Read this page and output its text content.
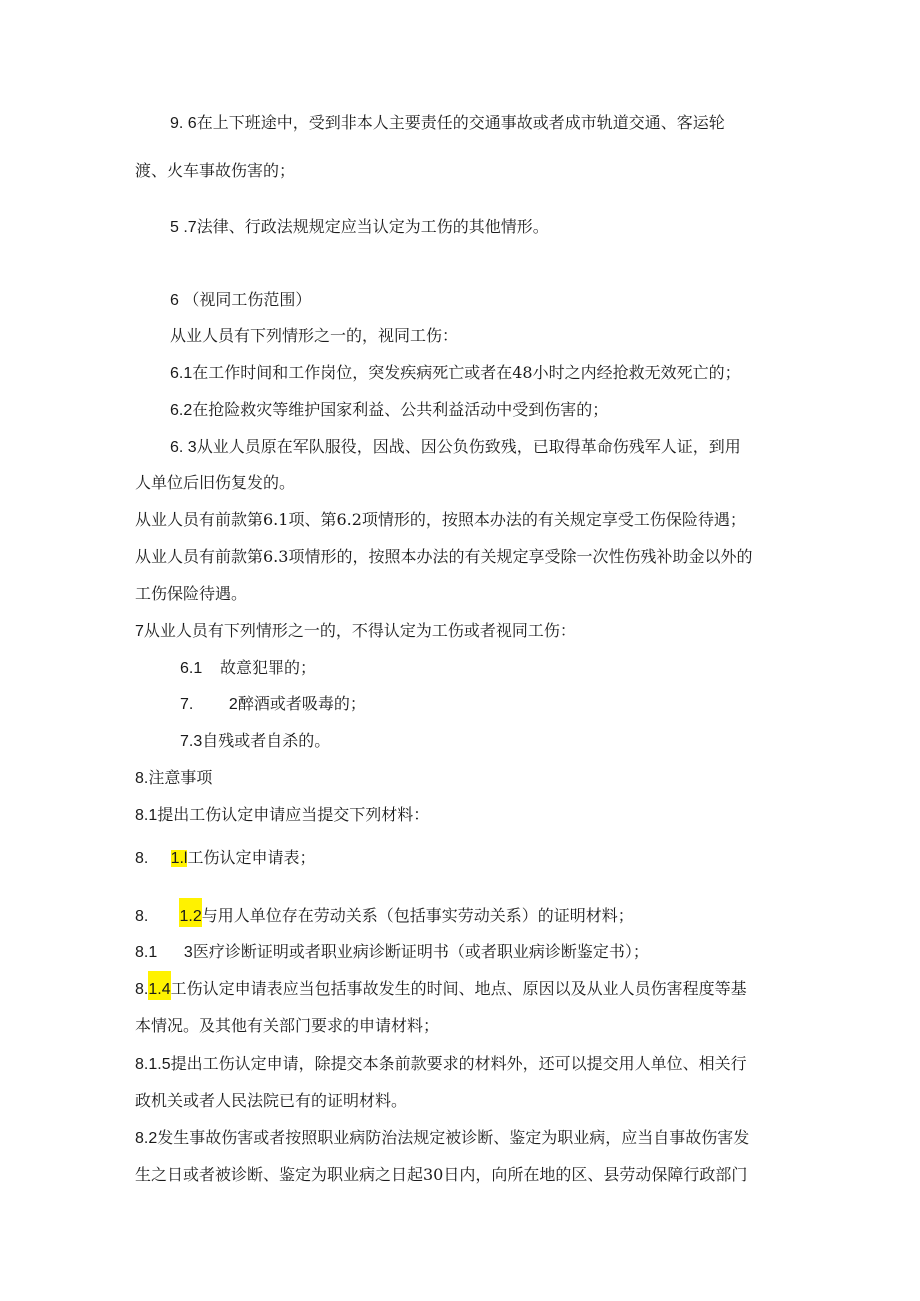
9. 6在上下班途中，受到非本人主要责任的交通事故或者成市轨道交通、客运轮
渡、火车事故伤害的；
5 .7法律、行政法规规定应当认定为工伤的其他情形。
6 （视同工伤范围）
从业人员有下列情形之一的，视同工伤：
6.1在工作时间和工作岗位，突发疾病死亡或者在48小时之内经抢救无效死亡的；
6.2在抢险救灾等维护国家利益、公共利益活动中受到伤害的；
6. 3从业人员原在军队服役，因战、因公负伤致残，已取得革命伤残军人证，到用
人单位后旧伤复发的。
从业人员有前款第6.1项、第6.2项情形的，按照本办法的有关规定享受工伤保险待遇；
从业人员有前款第6.3项情形的，按照本办法的有关规定享受除一次性伤残补助金以外的
工伤保险待遇。
7从业人员有下列情形之一的，不得认定为工伤或者视同工伤：
6.1    故意犯罪的；
7.        2醉酒或者吸毒的；
7.3自残或者自杀的。
8.注意事项
8.1提出工伤认定申请应当提交下列材料：
8.     1.l工伤认定申请表；
8.       1.2与用人单位存在劳动关系（包括事实劳动关系）的证明材料；
8.1      3医疗诊断证明或者职业病诊断证明书（或者职业病诊断鉴定书）；
8.1.4工伤认定申请表应当包括事故发生的时间、地点、原因以及从业人员伤害程度等基
本情况。及其他有关部门要求的申请材料；
8.1.5提出工伤认定申请，除提交本条前款要求的材料外，还可以提交用人单位、相关行
政机关或者人民法院已有的证明材料。
8.2发生事故伤害或者按照职业病防治法规定被诊断、鉴定为职业病，应当自事故伤害发
生之日或者被诊断、鉴定为职业病之日起30日内，向所在地的区、县劳动保障行政部门
